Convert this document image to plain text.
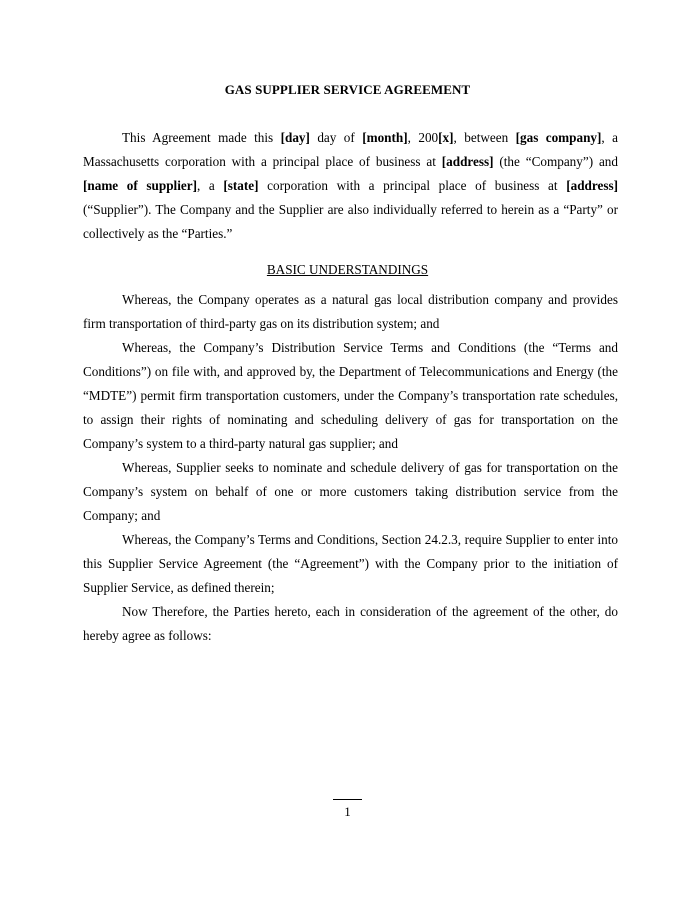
GAS SUPPLIER SERVICE AGREEMENT

This Agreement made this [day] day of [month], 200[x], between [gas company], a Massachusetts corporation with a principal place of business at [address] (the “Company”) and [name of supplier], a [state] corporation with a principal place of business at [address] (“Supplier”). The Company and the Supplier are also individually referred to herein as a “Party” or collectively as the “Parties.”

BASIC UNDERSTANDINGS

Whereas, the Company operates as a natural gas local distribution company and provides firm transportation of third-party gas on its distribution system; and

Whereas, the Company’s Distribution Service Terms and Conditions (the “Terms and Conditions”) on file with, and approved by, the Department of Telecommunications and Energy (the “MDTE”) permit firm transportation customers, under the Company’s transportation rate schedules, to assign their rights of nominating and scheduling delivery of gas for transportation on the Company’s system to a third-party natural gas supplier; and

Whereas, Supplier seeks to nominate and schedule delivery of gas for transportation on the Company’s system on behalf of one or more customers taking distribution service from the Company; and

Whereas, the Company’s Terms and Conditions, Section 24.2.3, require Supplier to enter into this Supplier Service Agreement (the “Agreement”) with the Company prior to the initiation of Supplier Service, as defined therein;

Now Therefore, the Parties hereto, each in consideration of the agreement of the other, do hereby agree as follows:

1
